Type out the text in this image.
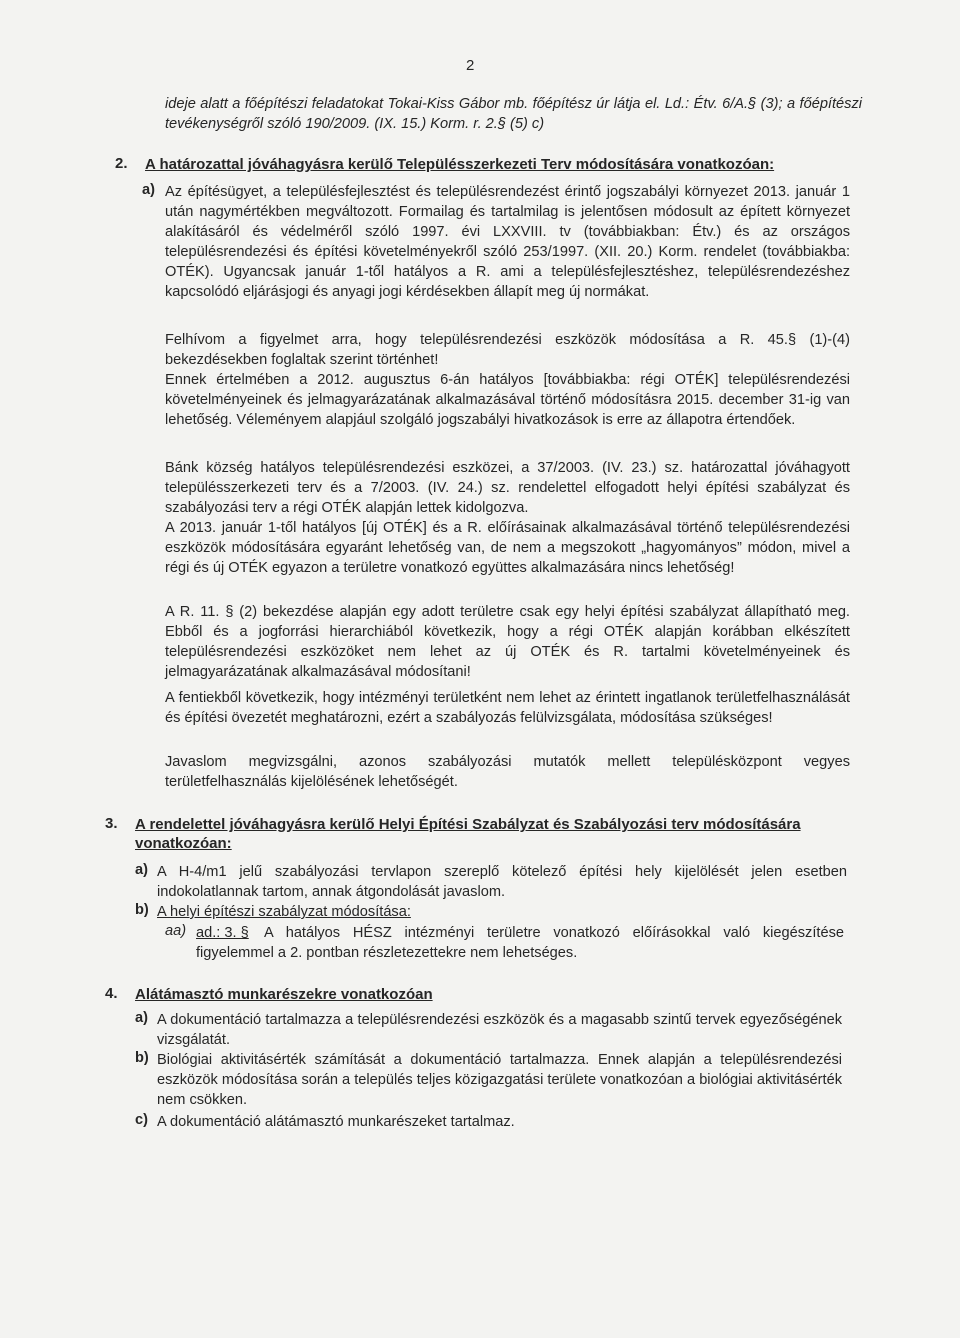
2
ideje alatt a főépítészi feladatokat Tokai-Kiss Gábor mb. főépítész úr látja el. Ld.: Étv. 6/A.§ (3); a főépítészi tevékenységről szóló 190/2009. (IX. 15.) Korm. r. 2.§ (5) c)
2. A határozattal jóváhagyásra kerülő Településszerkezeti Terv módosítására vonatkozóan:
a) Az építésügyet, a településfejlesztést és településrendezést érintő jogszabályi környezet 2013. január 1 után nagymértékben megváltozott. Formailag és tartalmilag is jelentősen módosult az épített környezet alakításáról és védelméről szóló 1997. évi LXXVIII. tv (továbbiakban: Étv.) és az országos településrendezési és építési követelményekről szóló 253/1997. (XII. 20.) Korm. rendelet (továbbiakba: OTÉK). Ugyancsak január 1-től hatályos a R. ami a településfejlesztéshez, településrendezéshez kapcsolódó eljárásjogi és anyagi jogi kérdésekben állapít meg új normákat.
Felhívom a figyelmet arra, hogy településrendezési eszközök módosítása a R. 45.§ (1)-(4) bekezdésekben foglaltak szerint történhet!
Ennek értelmében a 2012. augusztus 6-án hatályos [továbbiakba: régi OTÉK] településrendezési követelményeinek és jelmagyarázatának alkalmazásával történő módosításra 2015. december 31-ig van lehetőség. Véleményem alapjául szolgáló jogszabályi hivatkozások is erre az állapotra értendőek.
Bánk község hatályos településrendezési eszközei, a 37/2003. (IV. 23.) sz. határozattal jóváhagyott településszerkezeti terv és a 7/2003. (IV. 24.) sz. rendelettel elfogadott helyi építési szabályzat és szabályozási terv a régi OTÉK alapján lettek kidolgozva.
A 2013. január 1-től hatályos [új OTÉK] és a R. előírásainak alkalmazásával történő településrendezési eszközök módosítására egyaránt lehetőség van, de nem a megszokott „hagyományos” módon, mivel a régi és új OTÉK egyazon a területre vonatkozó együttes alkalmazására nincs lehetőség!
A R. 11. § (2) bekezdése alapján egy adott területre csak egy helyi építési szabályzat állapítható meg. Ebből és a jogforrási hierarchiából következik, hogy a régi OTÉK alapján korábban elkészített településrendezési eszközöket nem lehet az új OTÉK és R. tartalmi követelményeinek és jelmagyarázatának alkalmazásával módosítani!
A fentiekből következik, hogy intézményi területként nem lehet az érintett ingatlanok területfelhasználását és építési övezetét meghatározni, ezért a szabályozás felülvizsgálata, módosítása szükséges!
Javaslom megvizsgálni, azonos szabályozási mutatók mellett településközpont vegyes területfelhasználás kijelölésének lehetőségét.
3. A rendelettel jóváhagyásra kerülő Helyi Építési Szabályzat és Szabályozási terv módosítására vonatkozóan:
a) A H-4/m1 jelű szabályozási tervlapon szereplő kötelező építési hely kijelölését jelen esetben indokolatlannak tartom, annak átgondolását javaslom.
b) A helyi építészi szabályzat módosítása:
aa) ad.: 3. §	A hatályos HÉSZ intézményi területre vonatkozó előírásokkal való kiegészítése figyelemmel a 2. pontban részletezettekre nem lehetséges.
4. Alátámasztó munkarészekre vonatkozóan
a) A dokumentáció tartalmazza a településrendezési eszközök és a magasabb szintű tervek egyezőségének vizsgálatát.
b) Biológiai aktivitásérték számítását a dokumentáció tartalmazza. Ennek alapján a településrendezési eszközök módosítása során a település teljes közigazgatási területe vonatkozóan a biológiai aktivitásérték nem csökken.
c) A dokumentáció alátámasztó munkarészeket tartalmaz.
